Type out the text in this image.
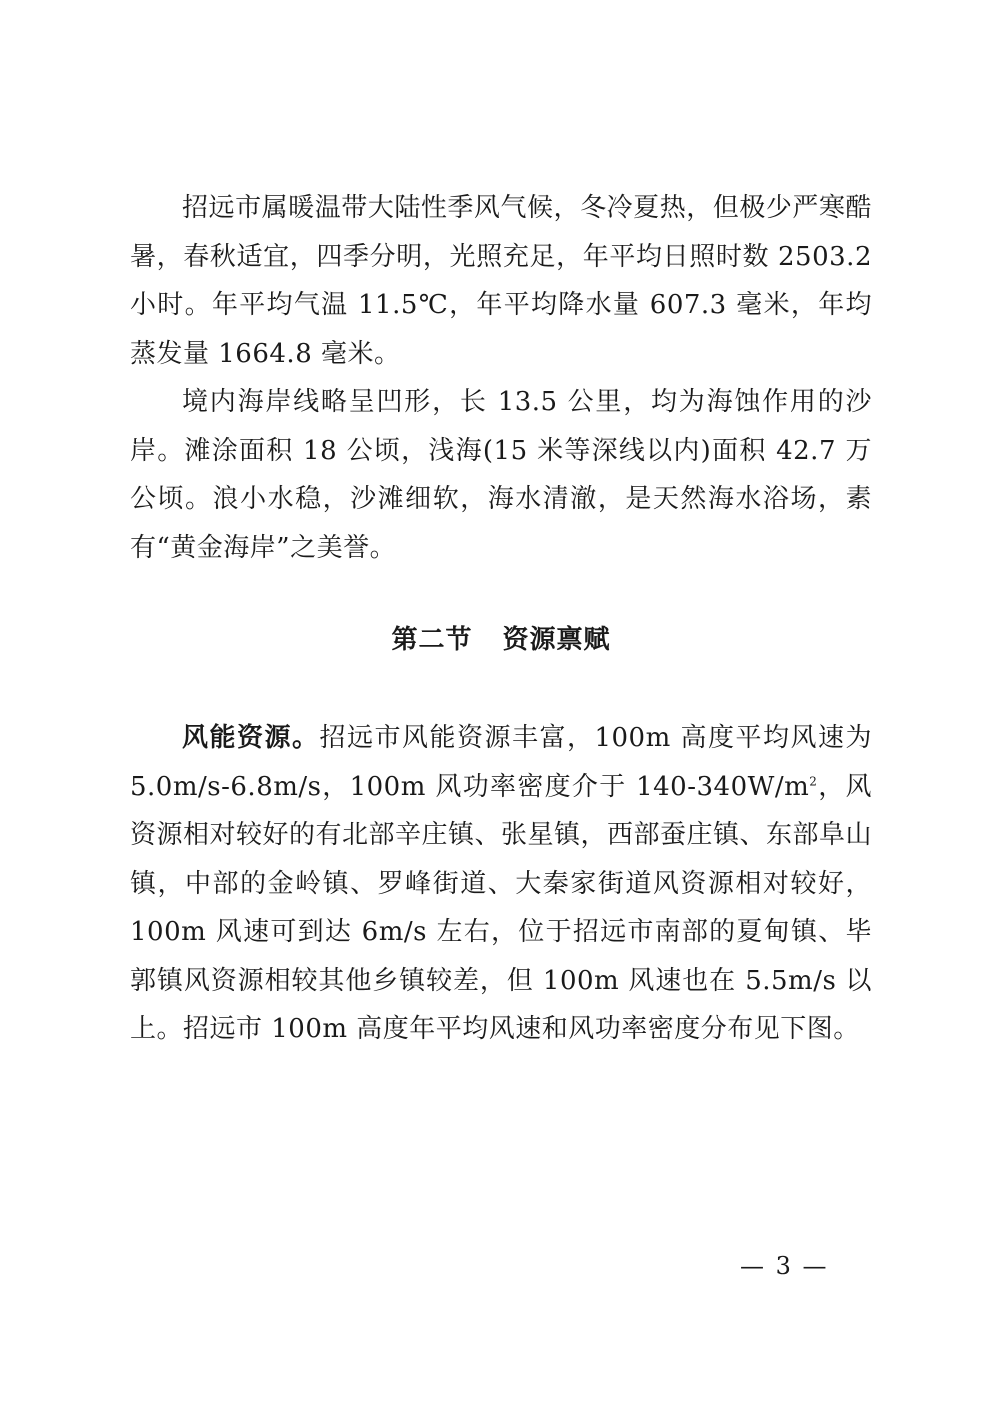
招远市属暖温带大陆性季风气候，冬冷夏热，但极少严寒酷暑，春秋适宜，四季分明，光照充足，年平均日照时数 2503.2 小时。年平均气温 11.5℃，年平均降水量 607.3 毫米，年均蒸发量 1664.8 毫米。

境内海岸线略呈凹形，长 13.5 公里，均为海蚀作用的沙岸。滩涂面积 18 公顷，浅海(15 米等深线以内)面积 42.7 万公顷。浪小水稳，沙滩细软，海水清澈，是天然海水浴场，素有“黄金海岸”之美誉。

第二节 资源禀赋

风能资源。招远市风能资源丰富，100m 高度平均风速为 5.0m/s-6.8m/s，100m 风功率密度介于 $140-340W/m^2$，风资源相对较好的有北部辛庄镇、张星镇，西部蚕庄镇、东部阜山镇，中部的金岭镇、罗峰街道、大秦家街道风资源相对较好，100m 风速可到达 6m/s 左右，位于招远市南部的夏甸镇、毕郭镇风资源相较其他乡镇较差，但 100m 风速也在 5.5m/s 以上。招远市 100m 高度年平均风速和风功率密度分布见下图。

— 3 —
